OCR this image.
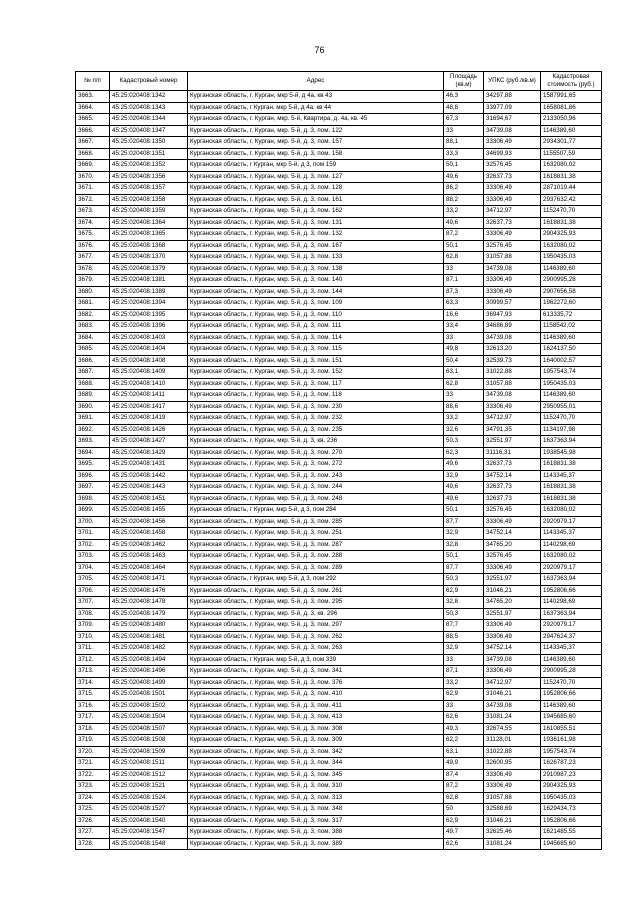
76
№ п/п	Кадастровый номер	Адрес	Площадь (кв.м)	УПКС (руб./кв.м)	Кадастровая стоимость (руб.)
3663.	45:25:020408:1342	Курганская область, г. Курган, мкр 5-й, д 4а, кв 43	46,3	34297,88	1587991,65
3664.	45:25:020408:1343	Курганская область, г Курган, мкр 5-й, д 4а, кв 44	48,8	33977,09	1658081,86
3665.	45:25:020408:1344	Курганская область, г. Курган, мкр. 5-й, Квартира, д. 4а, кв. 45	67,3	31694,67	2133050,96
3666.	45:25:020408:1347	Курганская область, г. Курган, мкр. 5-й, д. 3, пом. 122	33	34739,08	1146389,60
3667.	45:25:020408:1350	Курганская область, г. Курган, мкр. 5-й, д. 3, пом. 157	88,1	33306,49	2934301,77
3668.	45:25:020408:1351	Курганская область, г. Курган, мкр. 5-й, д. 3, пом. 158	33,3	34699,93	1155507,59
3669.	45:25:020408:1352	Курганская область, г Курган, мкр 5-й, д 3, пом 159	50,1	32576,45	1632080,02
3670.	45:25:020408:1356	Курганская область, г. Курган, мкр. 5-й, д. 3, пом. 127	49,6	32637,73	1618831,38
3671.	45:25:020408:1357	Курганская область, г. Курган, мкр. 5-й, д. 3, пом. 128	86,2	33306,49	2871019,44
3672.	45:25:020408:1358	Курганская область, г. Курган, мкр. 5-й, д. 3, пом. 161	88,2	33306,49	2937632,42
3673.	45:25:020408:1359	Курганская область, г. Курган, мкр. 5-й, д. 3, пом. 162	33,2	34712,97	1152470,70
3674.	45:25:020408:1364	Курганская область, г. Курган, мкр. 5-й, д. 3, пом. 131	49,6	32637,73	1618831,38
3675.	45:25:020408:1365	Курганская область, г. Курган, мкр. 5-й, д. 3, пом. 132	87,2	33306,49	2904325,93
3676.	45:25:020408:1368	Курганская область, г. Курган, мкр. 5-й, д. 3, пом. 167	50,1	32576,45	1632080,02
3677.	45:25:020408:1370	Курганская область, г. Курган, мкр. 5-й, д. 3, пом. 133	62,8	31057,88	1950435,03
3678.	45:25:020408:1379	Курганская область, г. Курган, мкр. 5-й, д. 3, пом. 138	33	34739,08	1146389,60
3679.	45:25:020408:1381	Курганская область, г. Курган, мкр. 5-й, д. 3, пом. 140	87,1	33306,49	2900995,28
3680.	45:25:020408:1389	Курганская область, г. Курган, мкр. 5-й, д. 3, пом. 144	87,3	33306,49	2907656,58
3681.	45:25:020408:1394	Курганская область, г. Курган, мкр. 5-й, д. 3, пом. 109	63,3	30999,57	1962272,60
3682.	45:25:020408:1395	Курганская область, г. Курган, мкр. 5-й, д. 3, пом. 110	16,6	36947,93	613335,72
3683.	45:25:020408:1396	Курганская область, г. Курган, мкр. 5-й, д. 3, пом. 111	33,4	34686,89	1158542,02
3684.	45:25:020408:1403	Курганская область, г. Курган, мкр. 5-й, д. 3, пом. 114	33	34739,08	1146389,60
3685.	45:25:020408:1404	Курганская область, г. Курган, мкр. 5-й, д. 3, пом. 115	49,8	32613,20	1624137,50
3686.	45:25:020408:1408	Курганская область, г. Курган, мкр. 5-й, д. 3, пом. 151	50,4	32539,73	1640002,57
3687.	45:25:020408:1409	Курганская область, г. Курган, мкр. 5-й, д. 3, пом. 152	63,1	31022,88	1957543,74
3688.	45:25:020408:1410	Курганская область, г. Курган, мкр. 5-й, д. 3, пом. 117	62,8	31057,88	1950435,03
3689.	45:25:020408:1411	Курганская область, г. Курган, мкр. 5-й, д. 3, пом. 118	33	34739,08	1146389,60
3690.	45:25:020408:1417	Курганская область, г. Курган, мкр. 5-й, д. 3, пом. 230	88,6	33306,49	2950955,01
3691.	45:25:020408:1419	Курганская область, г. Курган, мкр. 5-й, д. 3, пом. 232	33,2	34712,97	1152470,70
3692.	45:25:020408:1426	Курганская область, г. Курган, мкр. 5-й, д. 3, пом. 235	32,6	34791,35	1134197,98
3693.	45:25:020408:1427	Курганская область, г. Курган, мкр. 5-й, д. 3, кв. 236	50,3	32551,97	1637363,94
3694.	45:25:020408:1429	Курганская область, г. Курган, мкр. 5-й, д. 3, пом. 270	62,3	31116,31	1938545,98
3695.	45:25:020408:1431	Курганская область, г. Курган, мкр. 5-й, д. 3, пом. 272	49,6	32637,73	1618831,38
3696.	45:25:020408:1442	Курганская область, г. Курган, мкр. 5-й, д. 3, пом. 243	32,9	34752,14	1143345,37
3697.	45:25:020408:1443	Курганская область, г. Курган, мкр. 5-й, д. 3, пом. 244	49,6	32637,73	1618831,38
3698.	45:25:020408:1451	Курганская область, г. Курган, мкр. 5-й, д. 3, пом. 248	49,6	32637,73	1618831,38
3699.	45:25:020408:1455	Курганская область, г Курган, мкр 5-й, д 3, пом 284	50,1	32576,45	1632080,02
3700.	45:25:020408:1456	Курганская область, г. Курган, мкр. 5-й, д. 3, пом. 285	87,7	33306,49	2920979,17
3701.	45:25:020408:1458	Курганская область, г. Курган, мкр. 5-й, д. 3, пом. 251	32,9	34752,14	1143345,37
3702.	45:25:020408:1462	Курганская область, г. Курган, мкр. 5-й, д. 3, пом. 287	32,8	34765,20	1140298,69
3703.	45:25:020408:1463	Курганская область, г. Курган, мкр. 5-й, д. 3, пом. 288	50,1	32576,45	1632080,02
3704.	45:25:020408:1464	Курганская область, г. Курган, мкр. 5-й, д. 3, пом. 289	87,7	33306,49	2920979,17
3705.	45:25:020408:1471	Курганская область, г Курган, мкр 5-й, д 3, пом 292	50,3	32551,97	1637363,94
3706.	45:25:020408:1476	Курганская область, г. Курган, мкр. 5-й, д. 3, пом. 261	62,9	31046,21	1952806,66
3707.	45:25:020408:1478	Курганская область, г. Курган, мкр. 5-й, д. 3, пом. 295	32,8	34765,20	1140298,69
3708.	45:25:020408:1479	Курганская область, г. Курган, мкр. 5-й, д. 3, кв. 296	50,3	32551,97	1637363,94
3709.	45:25:020408:1480	Курганская область, г. Курган, мкр. 5-й, д. 3, пом. 297	87,7	33306,49	2920979,17
3710.	45:25:020408:1481	Курганская область, г. Курган, мкр. 5-й, д. 3, пом. 262	88,5	33306,49	2947624,37
3711.	45:25:020408:1482	Курганская область, г. Курган, мкр. 5-й, д. 3, пом. 263	32,9	34752,14	1143345,37
3712.	45:25:020408:1494	Курганская область, г Курган, мкр 5-й, д 3, пом 339	33	34739,08	1146389,60
3713.	45:25:020408:1496	Курганская область, г. Курган, мкр. 5-й, д. 3, пом. 341	87,1	33306,49	2900995,28
3714.	45:25:020408:1499	Курганская область, г. Курган, мкр. 5-й, д. 3, пом. 376	33,2	34712,97	1152470,70
3715.	45:25:020408:1501	Курганская область, г. Курган, мкр. 5-й, д. 3, пом. 410	62,9	31046,21	1952806,66
3716.	45:25:020408:1502	Курганская область, г. Курган, мкр. 5-й, д. 3, пом. 411	33	34739,08	1146389,60
3717.	45:25:020408:1504	Курганская область, г. Курган, мкр. 5-й, д. 3, пом. 413	62,6	31081,24	1945685,60
3718.	45:25:020408:1507	Курганская область, г. Курган, мкр. 5-й, д. 3, пом. 308	49,3	32674,55	1610855,51
3719.	45:25:020408:1508	Курганская область, г. Курган, мкр. 5-й, д. 3, пом. 309	62,2	31128,01	1936161,98
3720.	45:25:020408:1509	Курганская область, г. Курган, мкр. 5-й, д. 3, пом. 342	63,1	31022,88	1957543,74
3721.	45:25:020408:1511	Курганская область, г. Курган, мкр. 5-й, д. 3, пом. 344	49,9	32600,95	1626787,23
3722.	45:25:020408:1512	Курганская область, г. Курган, мкр. 5-й, д. 3, пом. 345	87,4	33306,49	2910987,23
3723.	45:25:020408:1521	Курганская область, г. Курган, мкр. 5-й, д. 3, пом. 310	87,2	33306,49	2904325,93
3724.	45:25:020408:1524	Курганская область, г. Курган, мкр. 5-й, д. 3, пом. 313	62,8	31057,88	1950435,03
3725.	45:25:020408:1527	Курганская область, г. Курган, мкр. 5-й, д. 3, пом. 348	50	32588,69	1629434,73
3726.	45:25:020408:1540	Курганская область, г. Курган, мкр. 5-й, д. 3, пом. 317	62,9	31046,21	1952806,66
3727.	45:25:020408:1547	Курганская область, г. Курган, мкр. 5-й, д. 3, пом. 388	49,7	32625,46	1621485,55
3728.	45:25:020408:1548	Курганская область, г. Курган, мкр. 5-й, д. 3, пом. 389	62,6	31081,24	1945685,60
